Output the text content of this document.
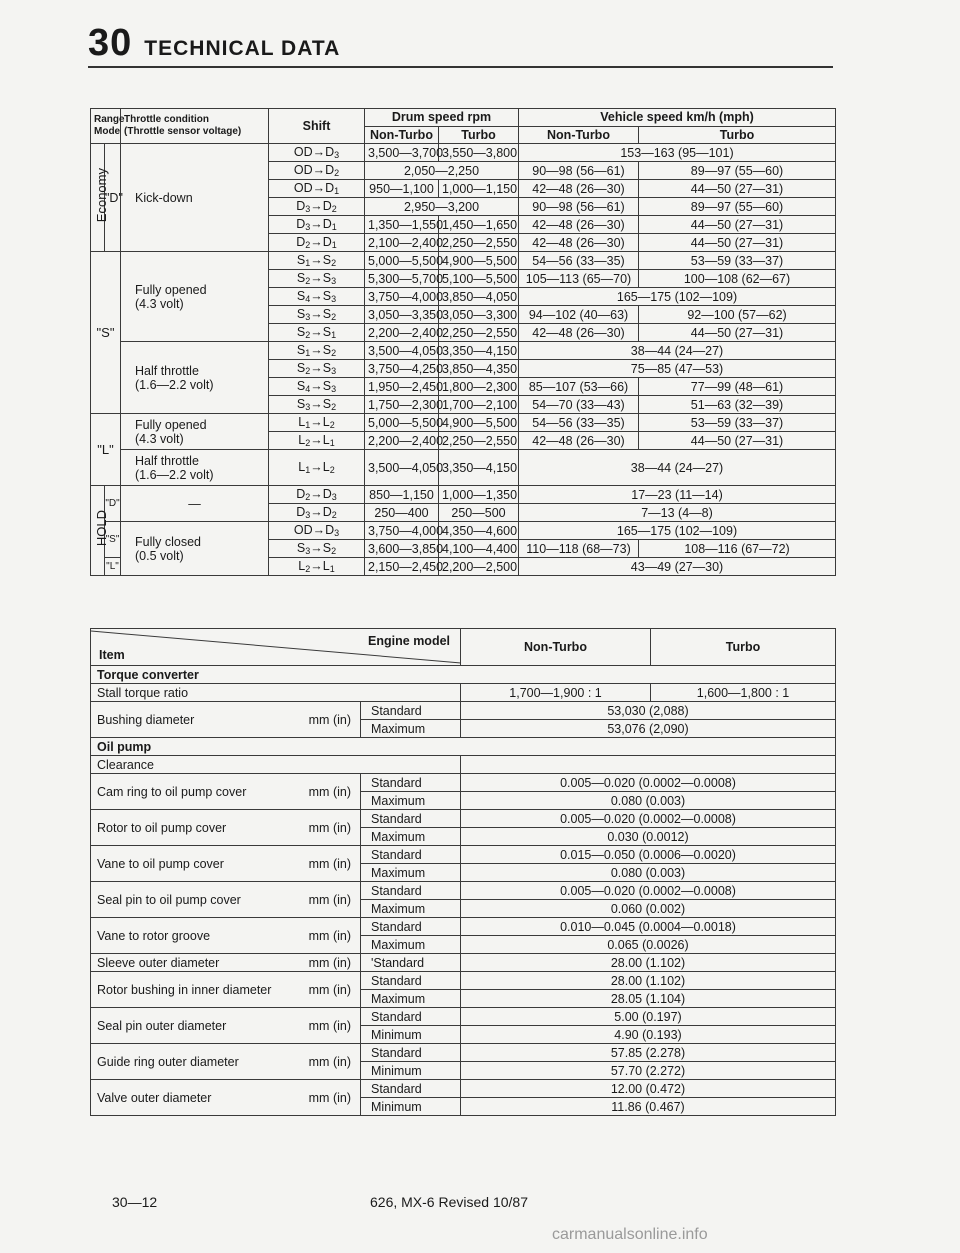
30 TECHNICAL DATA
Range
Mode		Throttle condition
(Throttle sensor voltage)	Shift	Drum speed rpm		Vehicle speed km/h (mph)	
				Non-Turbo	Turbo	Non-Turbo	Turbo
Economy	"D"	Kick-down	OD→D3	3,500—3,700	3,550—3,800	153—163 (95—101)	
			OD→D2	2,050—2,250		90—98 (56—61)	89—97 (55—60)
			OD→D1	950—1,100	1,000—1,150	42—48 (26—30)	44—50 (27—31)
			D3→D2	2,950—3,200		90—98 (56—61)	89—97 (55—60)
			D3→D1	1,350—1,550	1,450—1,650	42—48 (26—30)	44—50 (27—31)
			D2→D1	2,100—2,400	2,250—2,550	42—48 (26—30)	44—50 (27—31)
"S"		Fully opened
(4.3 volt)	S1→S2	5,000—5,500	4,900—5,500	54—56 (33—35)	53—59 (33—37)
			S2→S3	5,300—5,700	5,100—5,500	105—113 (65—70)	100—108 (62—67)
			S4→S3	3,750—4,000	3,850—4,050	165—175 (102—109)	
			S3→S2	3,050—3,350	3,050—3,300	94—102 (40—63)	92—100 (57—62)
			S2→S1	2,200—2,400	2,250—2,550	42—48 (26—30)	44—50 (27—31)
		Half throttle
(1.6—2.2 volt)	S1→S2	3,500—4,050	3,350—4,150	38—44 (24—27)	
			S2→S3	3,750—4,250	3,850—4,350	75—85 (47—53)	
			S4→S3	1,950—2,450	1,800—2,300	85—107 (53—66)	77—99 (48—61)
			S3→S2	1,750—2,300	1,700—2,100	54—70 (33—43)	51—63 (32—39)
"L"		Fully opened
(4.3 volt)	L1→L2	5,000—5,500	4,900—5,500	54—56 (33—35)	53—59 (33—37)
			L2→L1	2,200—2,400	2,250—2,550	42—48 (26—30)	44—50 (27—31)
		Half throttle
(1.6—2.2 volt)	L1→L2	3,500—4,050	3,350—4,150	38—44 (24—27)	
HOLD	"D"	—	D2→D3	850—1,150	1,000—1,350	17—23 (11—14)	
			D3→D2	250—400	250—500	7—13 (4—8)	
	"S"	Fully closed
(0.5 volt)	OD→D3	3,750—4,000	4,350—4,600	165—175 (102—109)	
			S3→S2	3,600—3,850	4,100—4,400	110—118 (68—73)	108—116 (67—72)
	"L"		L2→L1	2,150—2,450	2,200—2,500	43—49 (27—30)	
Item
Engine model		Non-Turbo	Turbo
Torque converter			
Stall torque ratio		1,700—1,900 : 1	1,600—1,800 : 1

Bushing diameter mm (in)	Standard	53,030 (2,088)	
	Maximum	53,076 (2,090)	
Oil pump			
Clearance			

Cam ring to oil pump cover mm (in)	Standard	0.005—0.020 (0.0002—0.0008)	
	Maximum	0.080 (0.003)	

Rotor to oil pump cover mm (in)	Standard	0.005—0.020 (0.0002—0.0008)	
	Maximum	0.030 (0.0012)	

Vane to oil pump cover mm (in)	Standard	0.015—0.050 (0.0006—0.0020)	
	Maximum	0.080 (0.003)	

Seal pin to oil pump cover mm (in)	Standard	0.005—0.020 (0.0002—0.0008)	
	Maximum	0.060 (0.002)	

Vane to rotor groove mm (in)	Standard	0.010—0.045 (0.0004—0.0018)	
	Maximum	0.065 (0.0026)	

Sleeve outer diameter mm (in)	'Standard	28.00 (1.102)	

Rotor bushing in inner diameter mm (in)	Standard	28.00 (1.102)	
	Maximum	28.05 (1.104)	

Seal pin outer diameter mm (in)	Standard	5.00 (0.197)	
	Minimum	4.90 (0.193)	

Guide ring outer diameter mm (in)	Standard	57.85 (2.278)	
	Minimum	57.70 (2.272)	

Valve outer diameter mm (in)	Standard	12.00 (0.472)	
	Minimum	11.86 (0.467)	
30—12	626, MX-6 Revised 10/87
carmanualsonline.info
